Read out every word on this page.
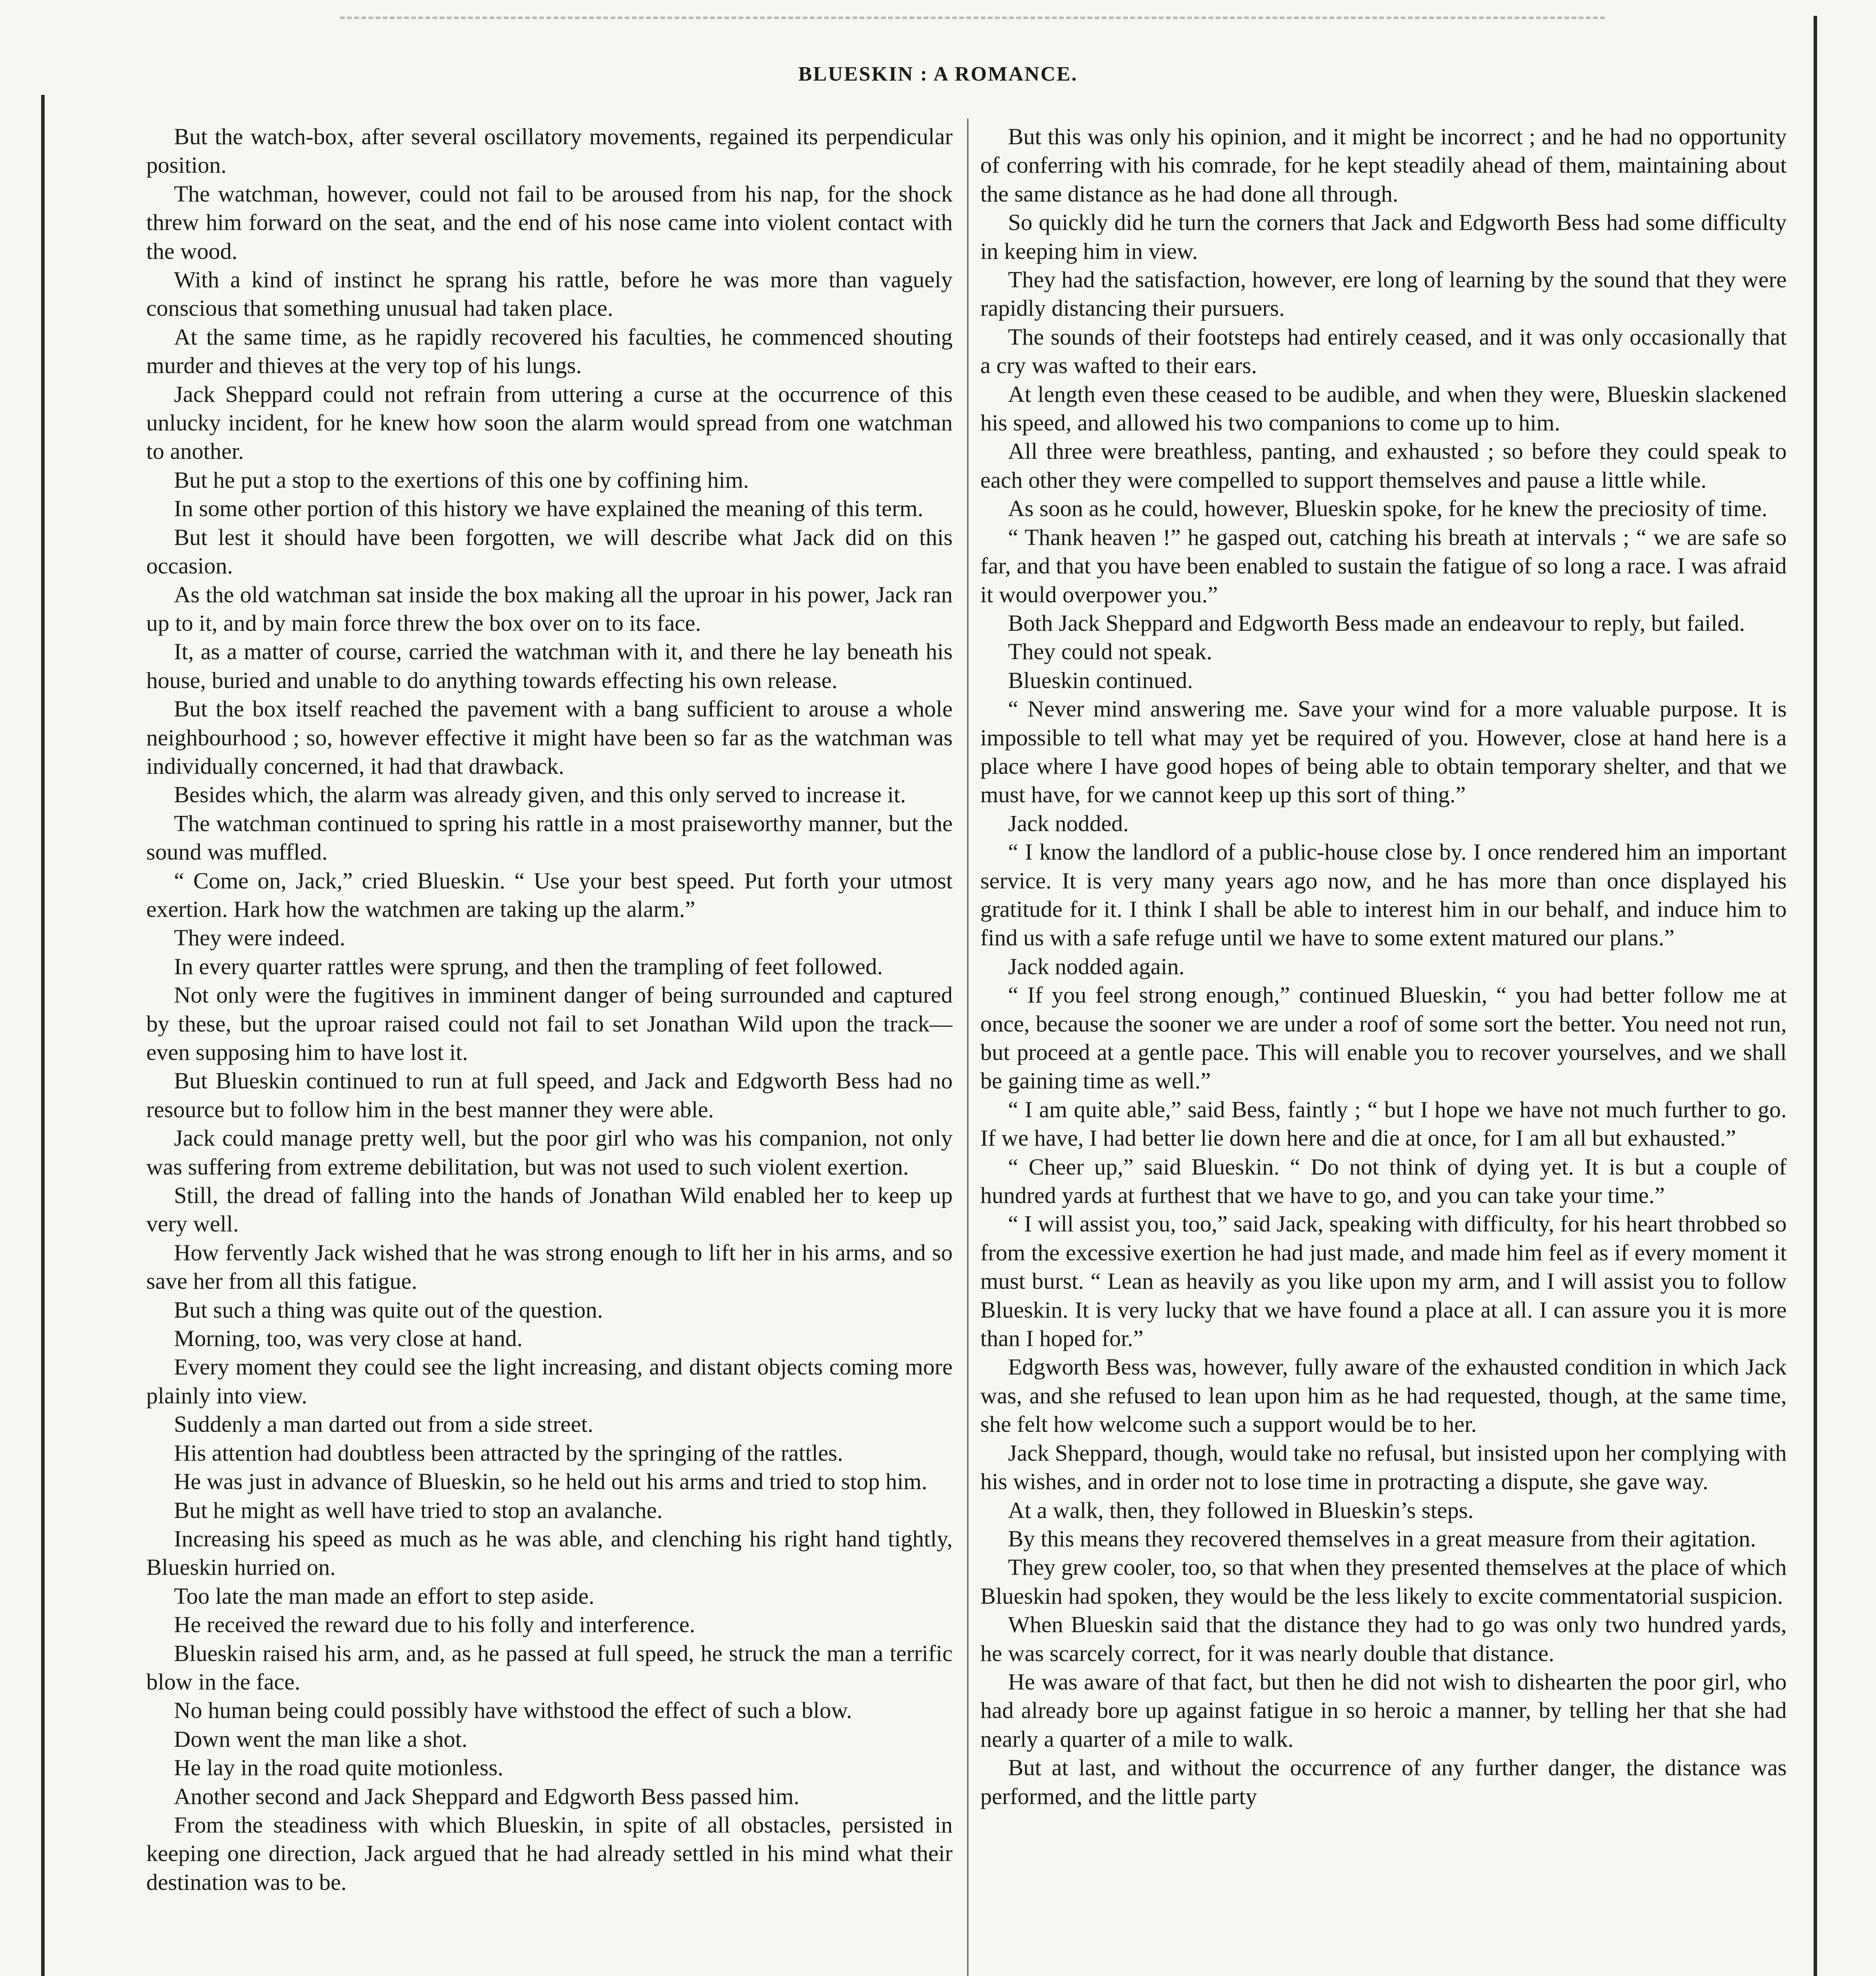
BLUESKIN : A ROMANCE.

But the watch-box, after several oscillatory movements, regained its perpendicular position.

The watchman, however, could not fail to be aroused from his nap, for the shock threw him forward on the seat, and the end of his nose came into violent contact with the wood.

With a kind of instinct he sprang his rattle, before he was more than vaguely conscious that something unusual had taken place.

At the same time, as he rapidly recovered his faculties, he commenced shouting murder and thieves at the very top of his lungs.

Jack Sheppard could not refrain from uttering a curse at the occurrence of this unlucky incident, for he knew how soon the alarm would spread from one watchman to another.

But he put a stop to the exertions of this one by coffining him.

In some other portion of this history we have explained the meaning of this term.

But lest it should have been forgotten, we will describe what Jack did on this occasion.

As the old watchman sat inside the box making all the uproar in his power, Jack ran up to it, and by main force threw the box over on to its face.

It, as a matter of course, carried the watchman with it, and there he lay beneath his house, buried and unable to do anything towards effecting his own release.

But the box itself reached the pavement with a bang sufficient to arouse a whole neighbourhood ; so, however effective it might have been so far as the watchman was individually concerned, it had that drawback.

Besides which, the alarm was already given, and this only served to increase it.

The watchman continued to spring his rattle in a most praiseworthy manner, but the sound was muffled.

“ Come on, Jack,” cried Blueskin. “ Use your best speed. Put forth your utmost exertion. Hark how the watchmen are taking up the alarm.”

They were indeed.

In every quarter rattles were sprung, and then the trampling of feet followed.

Not only were the fugitives in imminent danger of being surrounded and captured by these, but the uproar raised could not fail to set Jonathan Wild upon the track—even supposing him to have lost it.

But Blueskin continued to run at full speed, and Jack and Edgworth Bess had no resource but to follow him in the best manner they were able.

Jack could manage pretty well, but the poor girl who was his companion, not only was suffering from extreme debilitation, but was not used to such violent exertion.

Still, the dread of falling into the hands of Jonathan Wild enabled her to keep up very well.

How fervently Jack wished that he was strong enough to lift her in his arms, and so save her from all this fatigue.

But such a thing was quite out of the question.

Morning, too, was very close at hand.

Every moment they could see the light increasing, and distant objects coming more plainly into view.

Suddenly a man darted out from a side street.

His attention had doubtless been attracted by the springing of the rattles.

He was just in advance of Blueskin, so he held out his arms and tried to stop him.

But he might as well have tried to stop an avalanche.

Increasing his speed as much as he was able, and clenching his right hand tightly, Blueskin hurried on.

Too late the man made an effort to step aside.

He received the reward due to his folly and interference.

Blueskin raised his arm, and, as he passed at full speed, he struck the man a terrific blow in the face.

No human being could possibly have withstood the effect of such a blow.

Down went the man like a shot.

He lay in the road quite motionless.

Another second and Jack Sheppard and Edgworth Bess passed him.

From the steadiness with which Blueskin, in spite of all obstacles, persisted in keeping one direction, Jack argued that he had already settled in his mind what their destination was to be.

But this was only his opinion, and it might be incorrect ; and he had no opportunity of conferring with his comrade, for he kept steadily ahead of them, maintaining about the same distance as he had done all through.

So quickly did he turn the corners that Jack and Edgworth Bess had some difficulty in keeping him in view.

They had the satisfaction, however, ere long of learning by the sound that they were rapidly distancing their pursuers.

The sounds of their footsteps had entirely ceased, and it was only occasionally that a cry was wafted to their ears.

At length even these ceased to be audible, and when they were, Blueskin slackened his speed, and allowed his two companions to come up to him.

All three were breathless, panting, and exhausted ; so before they could speak to each other they were compelled to support themselves and pause a little while.

As soon as he could, however, Blueskin spoke, for he knew the preciosity of time.

“ Thank heaven !” he gasped out, catching his breath at intervals ; “ we are safe so far, and that you have been enabled to sustain the fatigue of so long a race. I was afraid it would overpower you.”

Both Jack Sheppard and Edgworth Bess made an endeavour to reply, but failed.

They could not speak.

Blueskin continued.

“ Never mind answering me. Save your wind for a more valuable purpose. It is impossible to tell what may yet be required of you. However, close at hand here is a place where I have good hopes of being able to obtain temporary shelter, and that we must have, for we cannot keep up this sort of thing.”

Jack nodded.

“ I know the landlord of a public-house close by. I once rendered him an important service. It is very many years ago now, and he has more than once displayed his gratitude for it. I think I shall be able to interest him in our behalf, and induce him to find us with a safe refuge until we have to some extent matured our plans.”

Jack nodded again.

“ If you feel strong enough,” continued Blueskin, “ you had better follow me at once, because the sooner we are under a roof of some sort the better. You need not run, but proceed at a gentle pace. This will enable you to recover yourselves, and we shall be gaining time as well.”

“ I am quite able,” said Bess, faintly ; “ but I hope we have not much further to go. If we have, I had better lie down here and die at once, for I am all but exhausted.”

“ Cheer up,” said Blueskin. “ Do not think of dying yet. It is but a couple of hundred yards at furthest that we have to go, and you can take your time.”

“ I will assist you, too,” said Jack, speaking with difficulty, for his heart throbbed so from the excessive exertion he had just made, and made him feel as if every moment it must burst. “ Lean as heavily as you like upon my arm, and I will assist you to follow Blueskin. It is very lucky that we have found a place at all. I can assure you it is more than I hoped for.”

Edgworth Bess was, however, fully aware of the exhausted condition in which Jack was, and she refused to lean upon him as he had requested, though, at the same time, she felt how welcome such a support would be to her.

Jack Sheppard, though, would take no refusal, but insisted upon her complying with his wishes, and in order not to lose time in protracting a dispute, she gave way.

At a walk, then, they followed in Blueskin’s steps.

By this means they recovered themselves in a great measure from their agitation.

They grew cooler, too, so that when they presented themselves at the place of which Blueskin had spoken, they would be the less likely to excite commentatorial suspicion.

When Blueskin said that the distance they had to go was only two hundred yards, he was scarcely correct, for it was nearly double that distance.

He was aware of that fact, but then he did not wish to dishearten the poor girl, who had already bore up against fatigue in so heroic a manner, by telling her that she had nearly a quarter of a mile to walk.

But at last, and without the occurrence of any further danger, the distance was performed, and the little party
